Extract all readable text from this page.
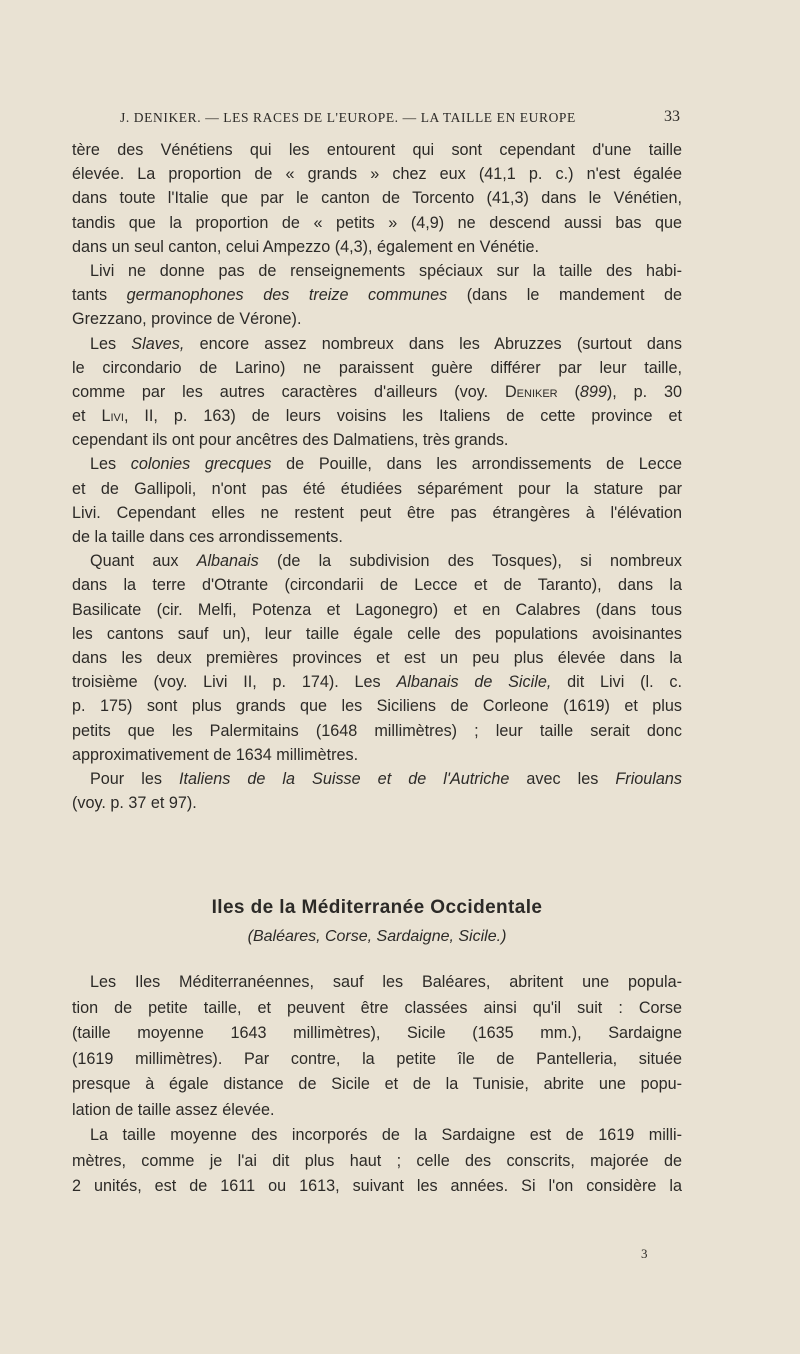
J. DENIKER. — LES RACES DE L'EUROPE. — LA TAILLE EN EUROPE	33
tère des Vénétiens qui les entourent qui sont cependant d'une taille
élevée. La proportion de « grands » chez eux (41,1 p. c.) n'est égalée
dans toute l'Italie que par le canton de Torcento (41,3) dans le Vénétien,
tandis que la proportion de « petits » (4,9) ne descend aussi bas que
dans un seul canton, celui Ampezzo (4,3), également en Vénétie.
Livi ne donne pas de renseignements spéciaux sur la taille des habi-
tants germanophones des treize communes (dans le mandement de
Grezzano, province de Vérone).
Les Slaves, encore assez nombreux dans les Abruzzes (surtout dans
le circondario de Larino) ne paraissent guère différer par leur taille,
comme par les autres caractères d'ailleurs (voy. Deniker (899), p. 30
et Livi, II, p. 163) de leurs voisins les Italiens de cette province et
cependant ils ont pour ancêtres des Dalmatiens, très grands.
Les colonies grecques de Pouille, dans les arrondissements de Lecce
et de Gallipoli, n'ont pas été étudiées séparément pour la stature par
Livi. Cependant elles ne restent peut être pas étrangères à l'élévation
de la taille dans ces arrondissements.
Quant aux Albanais (de la subdivision des Tosques), si nombreux
dans la terre d'Otrante (circondarii de Lecce et de Taranto), dans la
Basilicate (cir. Melfi, Potenza et Lagonegro) et en Calabres (dans tous
les cantons sauf un), leur taille égale celle des populations avoisinantes
dans les deux premières provinces et est un peu plus élevée dans la
troisième (voy. Livi II, p. 174). Les Albanais de Sicile, dit Livi (l. c.
p. 175) sont plus grands que les Siciliens de Corleone (1619) et plus
petits que les Palermitains (1648 millimètres) ; leur taille serait donc
approximativement de 1634 millimètres.
Pour les Italiens de la Suisse et de l'Autriche avec les Frioulans
(voy. p. 37 et 97).
Iles de la Méditerranée Occidentale
(Baléares, Corse, Sardaigne, Sicile.)
Les Iles Méditerranéennes, sauf les Baléares, abritent une popula-
tion de petite taille, et peuvent être classées ainsi qu'il suit : Corse
(taille moyenne 1643 millimètres), Sicile (1635 mm.), Sardaigne
(1619 millimètres). Par contre, la petite île de Pantelleria, située
presque à égale distance de Sicile et de la Tunisie, abrite une popu-
lation de taille assez élevée.
La taille moyenne des incorporés de la Sardaigne est de 1619 milli-
mètres, comme je l'ai dit plus haut ; celle des conscrits, majorée de
2 unités, est de 1611 ou 1613, suivant les années. Si l'on considère la
3
